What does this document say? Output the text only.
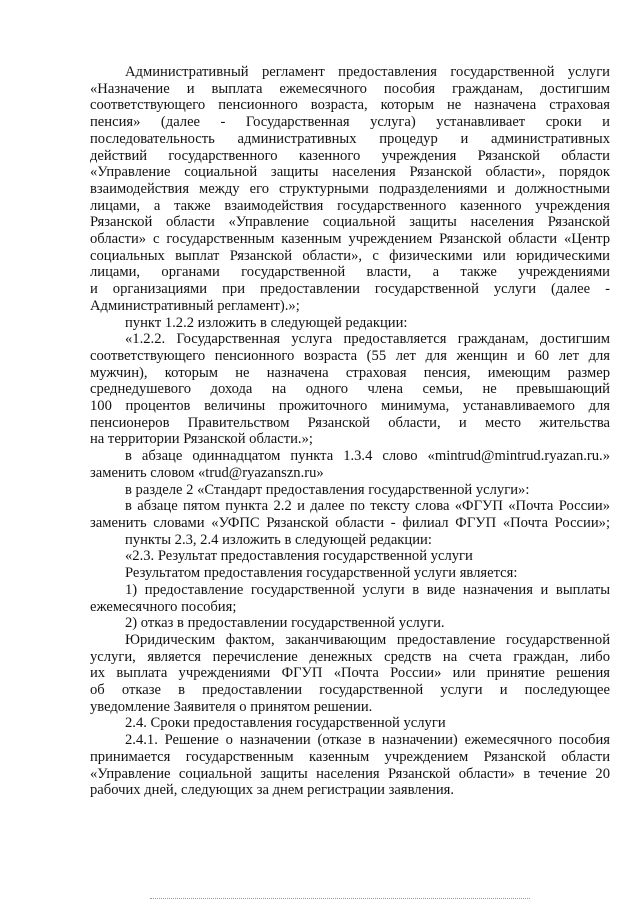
Административный регламент предоставления государственной услуги
«Назначение и выплата ежемесячного пособия гражданам, достигшим
соответствующего пенсионного возраста, которым не назначена страховая
пенсия» (далее - Государственная услуга) устанавливает сроки и
последовательность административных процедур и административных
действий государственного казенного учреждения Рязанской области
«Управление социальной защиты населения Рязанской области», порядок
взаимодействия между его структурными подразделениями и должностными
лицами, а также взаимодействия государственного казенного учреждения
Рязанской области «Управление социальной защиты населения Рязанской
области» с государственным казенным учреждением Рязанской области «Центр
социальных выплат Рязанской области», с физическими или юридическими
лицами, органами государственной власти, а также учреждениями
и организациями при предоставлении государственной услуги (далее -
Административный регламент).»;
пункт 1.2.2 изложить в следующей редакции:
«1.2.2. Государственная услуга предоставляется гражданам, достигшим
соответствующего пенсионного возраста (55 лет для женщин и 60 лет для
мужчин), которым не назначена страховая пенсия, имеющим размер
среднедушевого дохода на одного члена семьи, не превышающий
100 процентов величины прожиточного минимума, устанавливаемого для
пенсионеров Правительством Рязанской области, и место жительства
на территории Рязанской области.»;
в абзаце одиннадцатом пункта 1.3.4 слово «mintrud@mintrud.ryazan.ru.»
заменить словом «trud@ryazanszn.ru»
в разделе 2 «Стандарт предоставления государственной услуги»:
в абзаце пятом пункта 2.2 и далее по тексту слова «ФГУП «Почта России»
заменить словами «УФПС Рязанской области - филиал ФГУП «Почта России»;
пункты 2.3, 2.4 изложить в следующей редакции:
«2.3. Результат предоставления государственной услуги
Результатом предоставления государственной услуги является:
1) предоставление государственной услуги в виде назначения и выплаты
ежемесячного пособия;
2) отказ в предоставлении государственной услуги.
Юридическим фактом, заканчивающим предоставление государственной
услуги, является перечисление денежных средств на счета граждан, либо
их выплата учреждениями ФГУП «Почта России» или принятие решения
об отказе в предоставлении государственной услуги и последующее
уведомление Заявителя о принятом решении.
2.4. Сроки предоставления государственной услуги
2.4.1. Решение о назначении (отказе в назначении) ежемесячного пособия
принимается государственным казенным учреждением Рязанской области
«Управление социальной защиты населения Рязанской области» в течение 20
рабочих дней, следующих за днем регистрации заявления.
